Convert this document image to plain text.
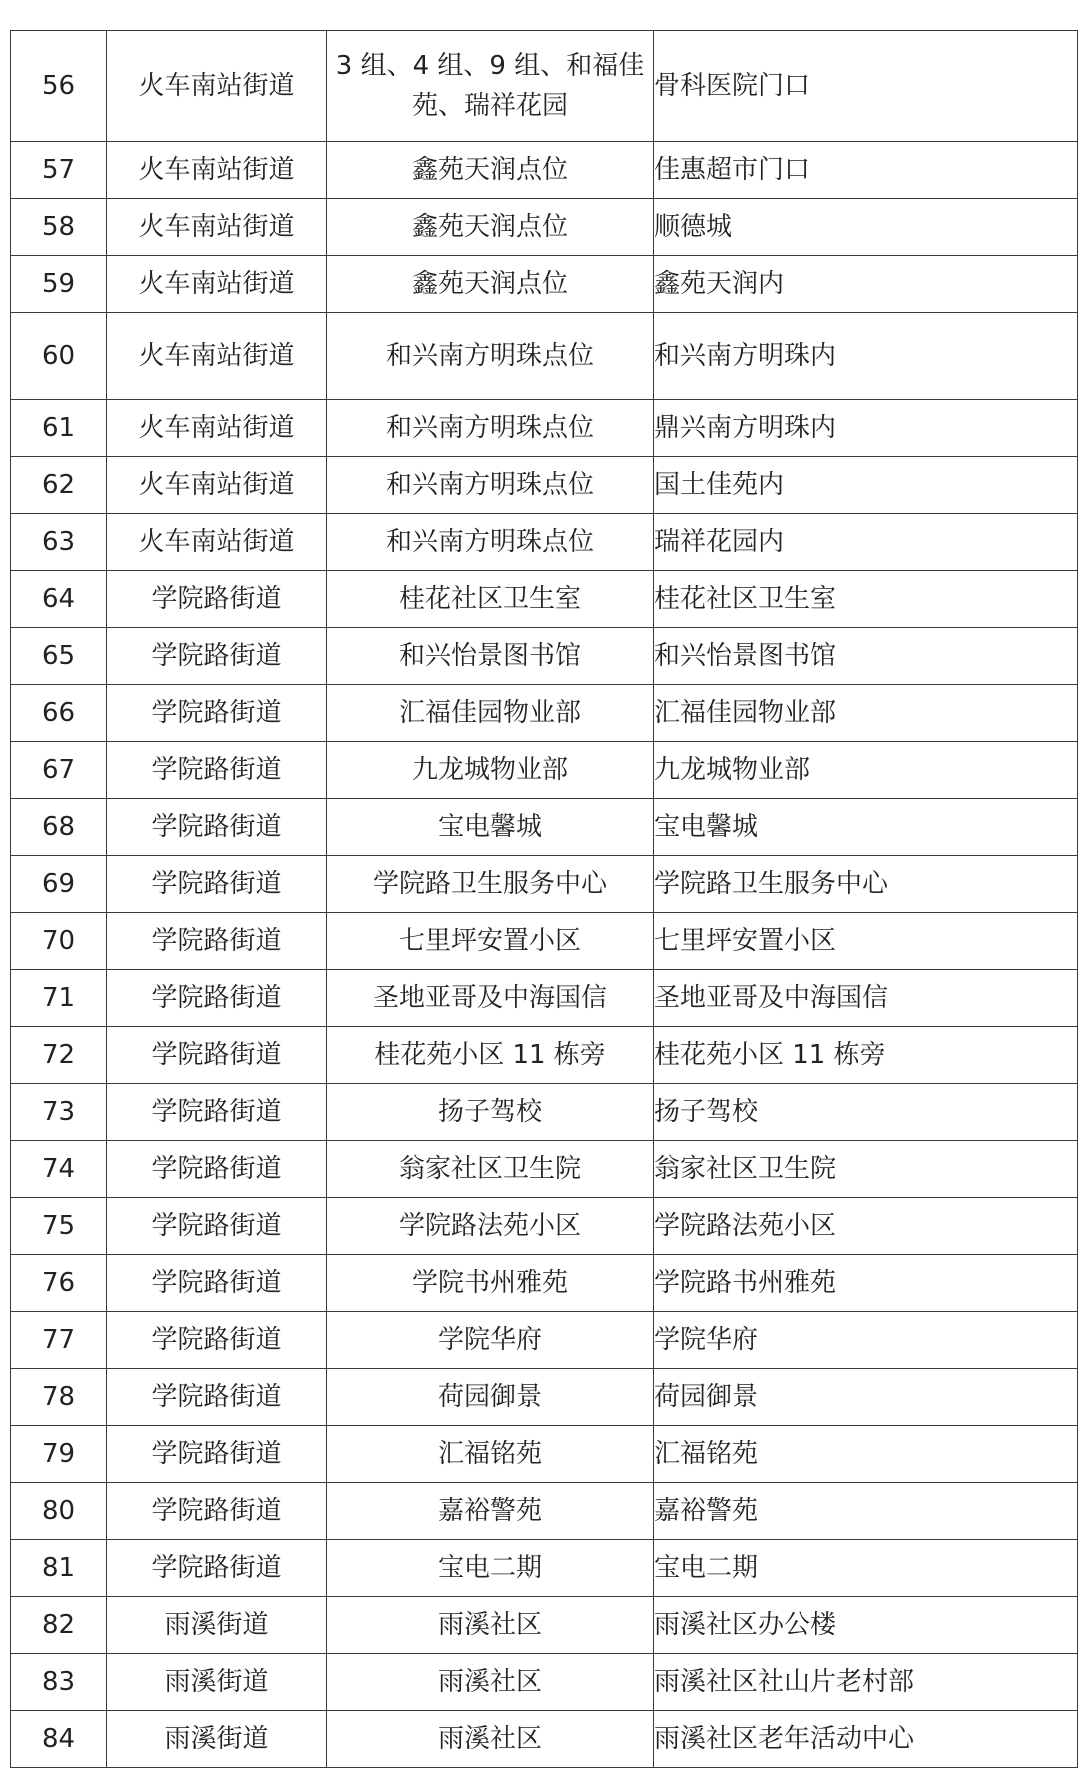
56	火车南站街道	3 组、4 组、9 组、和福佳苑、瑞祥花园	骨科医院门口
57	火车南站街道	鑫苑天润点位	佳惠超市门口
58	火车南站街道	鑫苑天润点位	顺德城
59	火车南站街道	鑫苑天润点位	鑫苑天润内
60	火车南站街道	和兴南方明珠点位	和兴南方明珠内
61	火车南站街道	和兴南方明珠点位	鼎兴南方明珠内
62	火车南站街道	和兴南方明珠点位	国土佳苑内
63	火车南站街道	和兴南方明珠点位	瑞祥花园内
64	学院路街道	桂花社区卫生室	桂花社区卫生室
65	学院路街道	和兴怡景图书馆	和兴怡景图书馆
66	学院路街道	汇福佳园物业部	汇福佳园物业部
67	学院路街道	九龙城物业部	九龙城物业部
68	学院路街道	宝电馨城	宝电馨城
69	学院路街道	学院路卫生服务中心	学院路卫生服务中心
70	学院路街道	七里坪安置小区	七里坪安置小区
71	学院路街道	圣地亚哥及中海国信	圣地亚哥及中海国信
72	学院路街道	桂花苑小区 11 栋旁	桂花苑小区 11 栋旁
73	学院路街道	扬子驾校	扬子驾校
74	学院路街道	翁家社区卫生院	翁家社区卫生院
75	学院路街道	学院路法苑小区	学院路法苑小区
76	学院路街道	学院书州雅苑	学院路书州雅苑
77	学院路街道	学院华府	学院华府
78	学院路街道	荷园御景	荷园御景
79	学院路街道	汇福铭苑	汇福铭苑
80	学院路街道	嘉裕警苑	嘉裕警苑
81	学院路街道	宝电二期	宝电二期
82	雨溪街道	雨溪社区	雨溪社区办公楼
83	雨溪街道	雨溪社区	雨溪社区社山片老村部
84	雨溪街道	雨溪社区	雨溪社区老年活动中心
